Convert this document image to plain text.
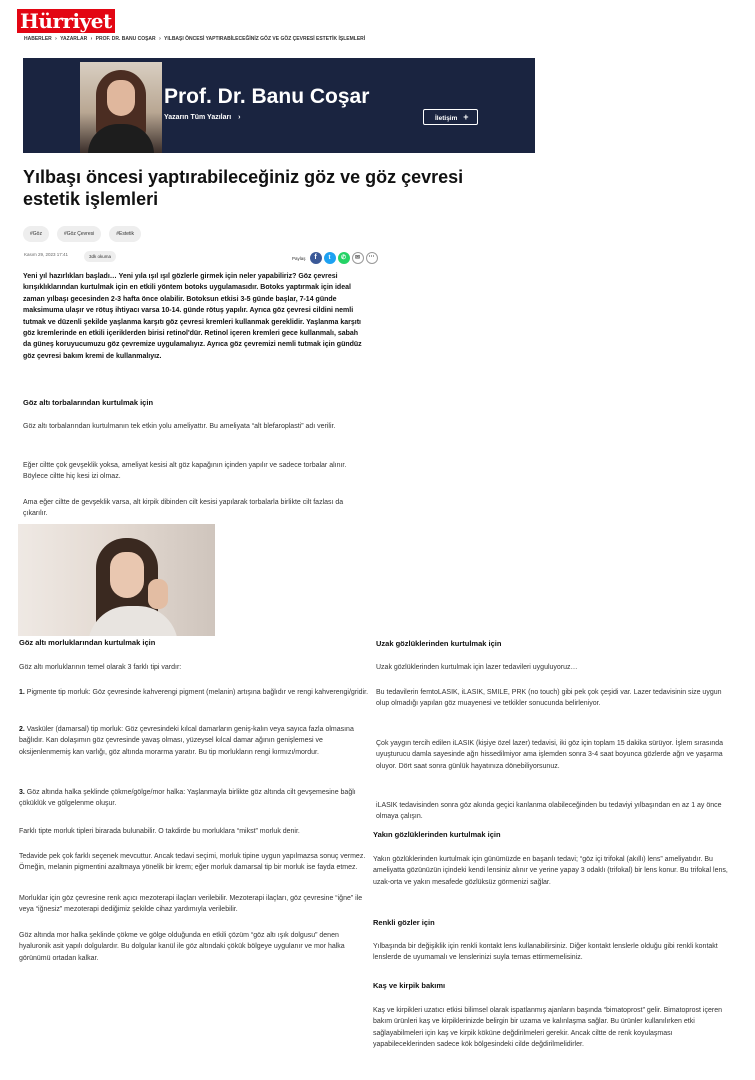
Hürriyet
HABERLER › YAZARLAR › PROF. DR. BANU COŞAR › YILBAŞI ÖNCESİ YAPTIRABİLECEĞİNİZ GÖZ VE GÖZ ÇEVRESİ ESTETİK İŞLEMLERİ
Prof. Dr. Banu Coşar
Yazarın Tüm Yazıları ›	İletişim +
Yılbaşı öncesi yaptırabileceğiniz göz ve göz çevresi estetik işlemleri
#Göz	#Göz Çevresi	#Estetik
Kasım 29, 2023 17:41	3dk okuma	Paylaş	f	t	✆	✉	⋯

Yeni yıl hazırlıkları başladı… Yeni yıla ışıl ışıl gözlerle girmek için neler yapabiliriz? Göz çevresi kırışıklıklarından kurtulmak için en etkili yöntem botoks uygulamasıdır. Botoks yaptırmak için ideal zaman yılbaşı gecesinden 2-3 hafta önce olabilir. Botoksun etkisi 3-5 günde başlar, 7-14 günde maksimuma ulaşır ve rötuş ihtiyacı varsa 10-14. günde rötuş yapılır. Ayrıca göz çevresi cildini nemli tutmak ve düzenli şekilde yaşlanma karşıtı göz çevresi kremleri kullanmak gereklidir. Yaşlanma karşıtı göz kremlerinde en etkili içeriklerden birisi retinol'dür. Retinol içeren kremleri gece kullanmalı, sabah da güneş koruyucumuzu göz çevremize uygulamalıyız. Ayrıca göz çevremizi nemli tutmak için gündüz göz çevresi bakım kremi de kullanmalıyız.

Göz altı torbalarından kurtulmak için

Göz altı torbalarından kurtulmanın tek etkin yolu ameliyattır. Bu ameliyata “alt blefaroplasti” adı verilir.

Eğer ciltte çok gevşeklik yoksa, ameliyat kesisi alt göz kapağının içinden yapılır ve sadece torbalar alınır. Böylece ciltte hiç kesi izi olmaz.

Ama eğer ciltte de gevşeklik varsa, alt kirpik dibinden cilt kesisi yapılarak torbalarla birlikte cilt fazlası da çıkarılır.

Göz altı morluklarından kurtulmak için

Göz altı morluklarının temel olarak 3 farklı tipi vardır:

1. Pigmente tip morluk: Göz çevresinde kahverengi pigment (melanin) artışına bağlıdır ve rengi kahverengi/gridir.

2. Vasküler (damarsal) tip morluk: Göz çevresindeki kılcal damarların geniş-kalın veya sayıca fazla olmasına bağlıdır. Kan dolaşımın göz çevresinde yavaş olması, yüzeysel kılcal damar ağının genişlemesi ve oksijenlenmemiş kan varlığı, göz altında morarma yaratır. Bu tip morlukların rengi kırmızı/mordur.

3. Göz altında halka şeklinde çökme/gölge/mor halka: Yaşlanmayla birlikte göz altında cilt gevşemesine bağlı çöküklük ve gölgelenme oluşur.

Farklı tipte morluk tipleri birarada bulunabilir. O takdirde bu morluklara “mikst” morluk denir.

Tedavide pek çok farklı seçenek mevcuttur. Ancak tedavi seçimi, morluk tipine uygun yapılmazsa sonuç vermez. Örneğin, melanin pigmentini azaltmaya yönelik bir krem; eğer morluk damarsal tip bir morluk ise fayda etmez.

Morluklar için göz çevresine renk açıcı mezoterapi ilaçları verilebilir. Mezoterapi ilaçları, göz çevresine “iğne” ile veya “iğnesiz” mezoterapi dediğimiz şekilde cihaz yardımıyla verilebilir.

Göz altında mor halka şeklinde çökme ve gölge olduğunda en etkili çözüm “göz altı ışık dolgusu” denen hyaluronik asit yapılı dolgulardır. Bu dolgular kanül ile göz altındaki çökük bölgeye uygulanır ve mor halka görünümü ortadan kalkar.

Uzak gözlüklerinden kurtulmak için

Uzak gözlüklerinden kurtulmak için lazer tedavileri uyguluyoruz…

Bu tedavilerin femtoLASIK, iLASIK, SMILE, PRK (no touch) gibi pek çok çeşidi var. Lazer tedavisinin size uygun olup olmadığı yapılan göz muayenesi ve tetkikler sonucunda belirleniyor.

Çok yaygın tercih edilen iLASIK (kişiye özel lazer) tedavisi, iki göz için toplam 15 dakika sürüyor. İşlem sırasında uyuşturucu damla sayesinde ağrı hissedilmiyor ama işlemden sonra 3-4 saat boyunca gözlerde ağrı ve yaşarma oluyor. Dört saat sonra günlük hayatınıza dönebiliyorsunuz.

iLASIK tedavisinden sonra göz akında geçici kanlanma olabileceğinden bu tedaviyi yılbaşından en az 1 ay önce olmaya çalışın.

Yakın gözlüklerinden kurtulmak için

Yakın gözlüklerinden kurtulmak için günümüzde en başarılı tedavi; “göz içi trifokal (akıllı) lens” ameliyatıdır. Bu ameliyatta gözünüzün içindeki kendi lensiniz alınır ve yerine yapay 3 odaklı (trifokal) bir lens konur. Bu trifokal lens, uzak-orta ve yakın mesafede gözlüksüz görmenizi sağlar.

Renkli gözler için

Yılbaşında bir değişiklik için renkli kontakt lens kullanabilirsiniz. Diğer kontakt lenslerle olduğu gibi renkli kontakt lenslerde de uyumamalı ve lenslerinizi suyla temas ettirmemelisiniz.

Kaş ve kirpik bakımı

Kaş ve kirpikleri uzatıcı etkisi bilimsel olarak ispatlanmış ajanların başında “bimatoprost” gelir. Bimatoprost içeren bakım ürünleri kaş ve kirpiklerinizde belirgin bir uzama ve kalınlaşma sağlar. Bu ürünler kullanılırken etki sağlayabilmeleri için kaş ve kirpik köküne değdirilmeleri gerekir. Ancak ciltte de renk koyulaşması yapabileceklerinden sadece kök bölgesindeki cilde değdirilmelidirler.
